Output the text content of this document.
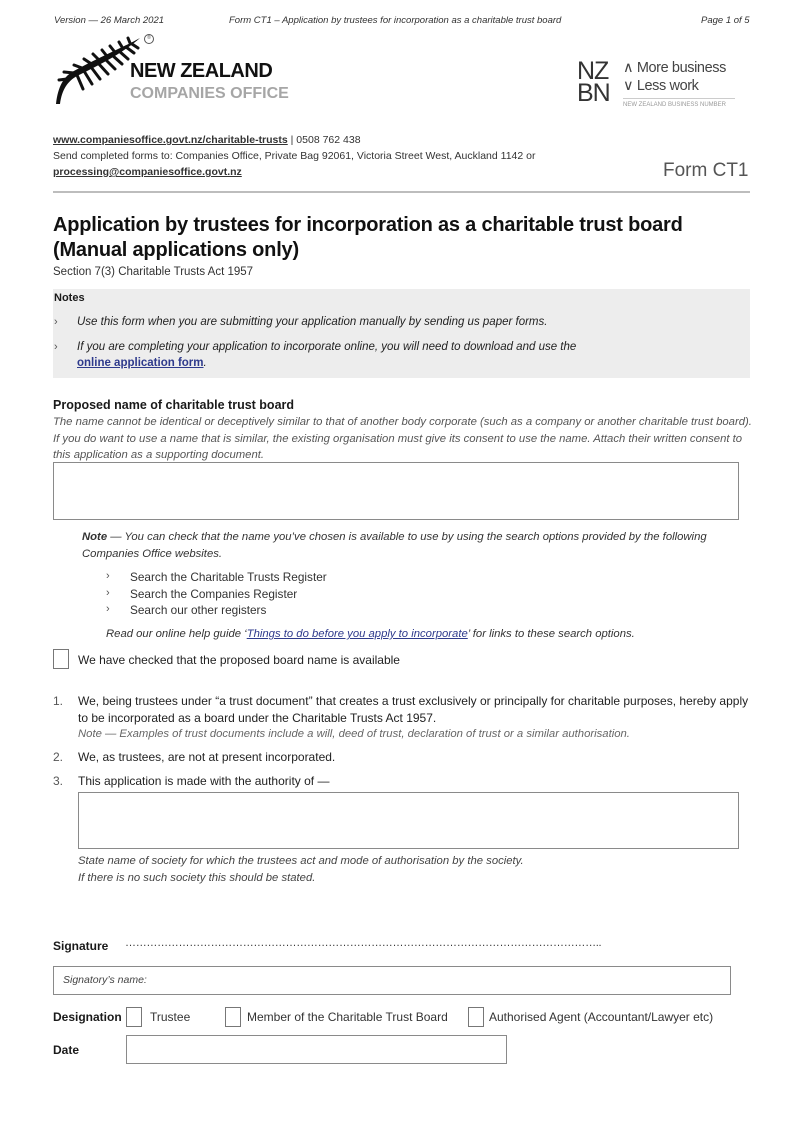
Version — 26 March 2021	Form CT1 – Application by trustees for incorporation as a charitable trust board	Page 1 of 5
®
NEW ZEALAND
COMPANIES OFFICE
NZ
BN
∧ More business
∨ Less work
NEW ZEALAND BUSINESS NUMBER
www.companiesoffice.govt.nz/charitable-trusts | 0508 762 438
Send completed forms to: Companies Office, Private Bag 92061, Victoria Street West, Auckland 1142 or
processing@companiesoffice.govt.nz	Form CT1
Application by trustees for incorporation as a charitable trust board
(Manual applications only)
Section 7(3) Charitable Trusts Act 1957
Notes
› Use this form when you are submitting your application manually by sending us paper forms.
› If you are completing your application to incorporate online, you will need to download and use the
online application form.
Proposed name of charitable trust board
The name cannot be identical or deceptively similar to that of another body corporate (such as a company or another charitable trust board). If you do want to use a name that is similar, the existing organisation must give its consent to use the name. Attach their written consent to this application as a supporting document.
Note — You can check that the name you’ve chosen is available to use by using the search options provided by the following Companies Office websites.
› Search the Charitable Trusts Register
› Search the Companies Register
› Search our other registers
Read our online help guide ‘Things to do before you apply to incorporate’ for links to these search options.
We have checked that the proposed board name is available
1. We, being trustees under “a trust document” that creates a trust exclusively or principally for charitable purposes, hereby apply to be incorporated as a board under the Charitable Trusts Act 1957.
Note — Examples of trust documents include a will, deed of trust, declaration of trust or a similar authorisation.
2. We, as trustees, are not at present incorporated.
3. This application is made with the authority of —
State name of society for which the trustees act and mode of authorisation by the society.
If there is no such society this should be stated.
Signature ……………………………………………………………………………………………………………………..
Signatory’s name:
Designation Trustee	Member of the Charitable Trust Board	Authorised Agent (Accountant/Lawyer etc)
Date
